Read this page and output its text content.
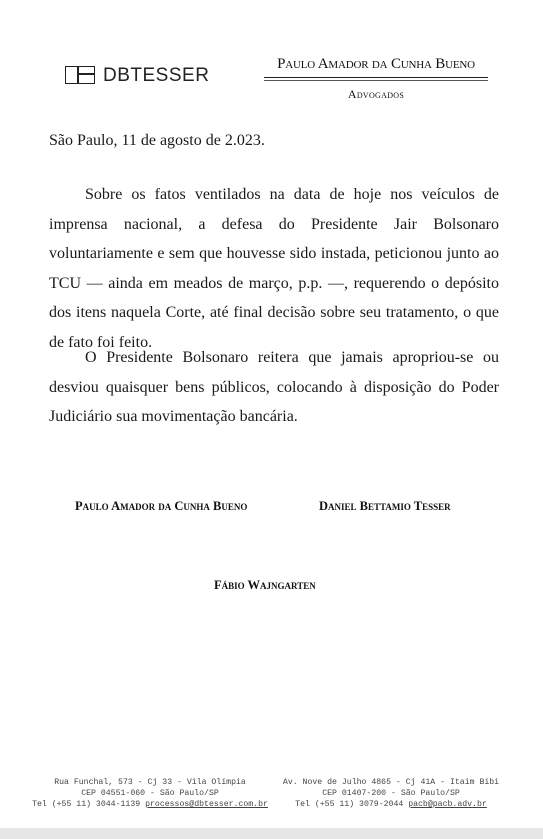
DBTESSER
Paulo Amador da Cunha Bueno
Advogados

São Paulo, 11 de agosto de 2.023.

Sobre os fatos ventilados na data de hoje nos veículos de imprensa nacional, a defesa do Presidente Jair Bolsonaro voluntariamente e sem que houvesse sido instada, peticionou junto ao TCU — ainda em meados de março, p.p. —, requerendo o depósito dos itens naquela Corte, até final decisão sobre seu tratamento, o que de fato foi feito.

O Presidente Bolsonaro reitera que jamais apropriou-se ou desviou quaisquer bens públicos, colocando à disposição do Poder Judiciário sua movimentação bancária.

Paulo Amador da Cunha Bueno	Daniel Bettamio Tesser

Fábio Wajngarten

Rua Funchal, 573 - Cj 33 - Vila Olímpia
CEP 04551-060 - São Paulo/SP
Tel (+55 11) 3044-1139 processos@dbtesser.com.br
Av. Nove de Julho 4865 - Cj 41A - Itaim Bibi
CEP 01407-200 - São Paulo/SP
Tel (+55 11) 3079-2044 pacb@pacb.adv.br
